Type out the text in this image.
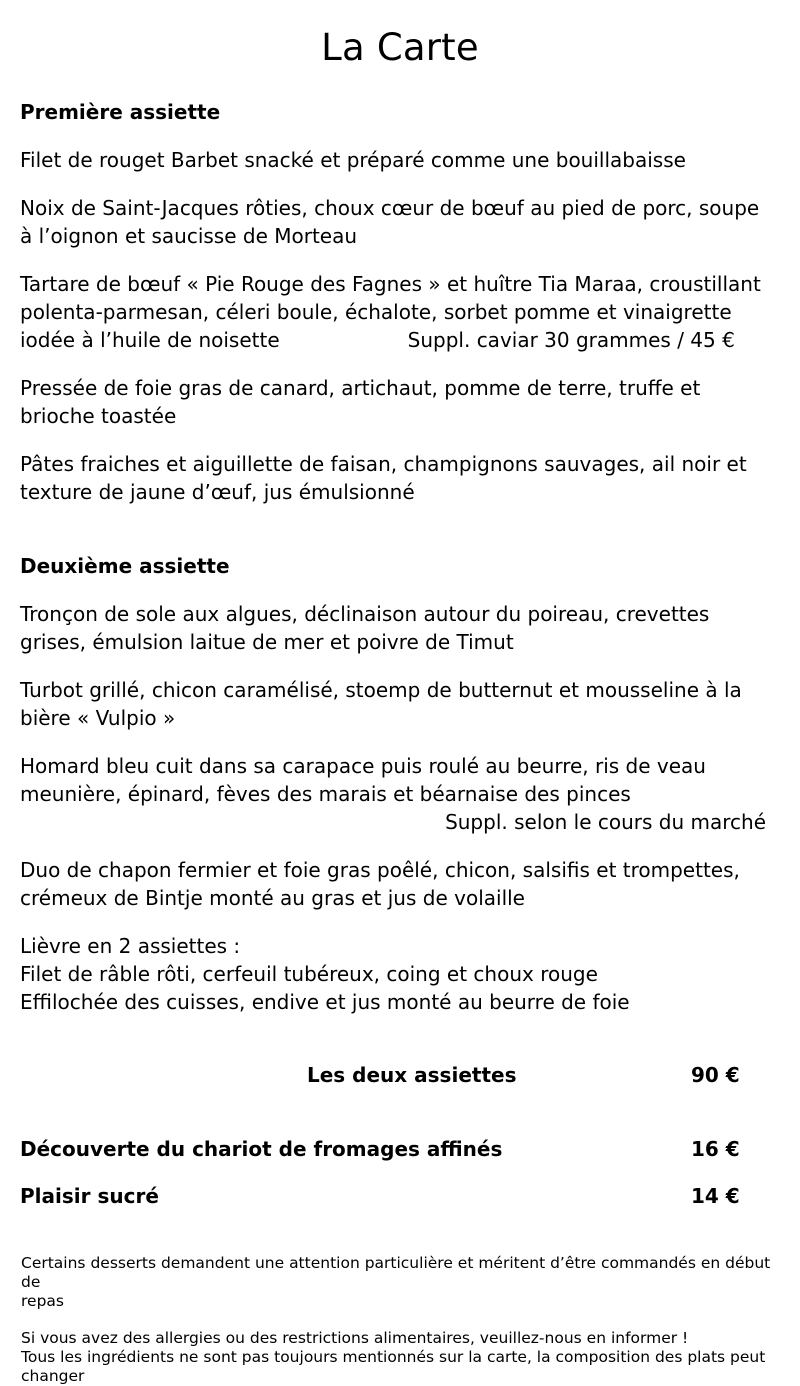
La Carte
Première assiette
Filet de rouget Barbet snacké et préparé comme une bouillabaisse
Noix de Saint-Jacques rôties, choux cœur de bœuf au pied de porc, soupe
à l’oignon et saucisse de Morteau
Tartare de bœuf « Pie Rouge des Fagnes » et huître Tia Maraa, croustillant
polenta-parmesan, céleri boule, échalote, sorbet pomme et vinaigrette
iodée à l’huile de noisette	Suppl. caviar 30 grammes / 45 €
Pressée de foie gras de canard, artichaut, pomme de terre, truffe et
brioche toastée
Pâtes fraiches et aiguillette de faisan, champignons sauvages, ail noir et
texture de jaune d’œuf, jus émulsionné
Deuxième assiette
Tronçon de sole aux algues, déclinaison autour du poireau, crevettes
grises, émulsion laitue de mer et poivre de Timut
Turbot grillé, chicon caramélisé, stoemp de butternut et mousseline à la
bière « Vulpio »
Homard bleu cuit dans sa carapace puis roulé au beurre, ris de veau
meunière, épinard, fèves des marais et béarnaise des pinces
Suppl. selon le cours du marché
Duo de chapon fermier et foie gras poêlé, chicon, salsifis et trompettes,
crémeux de Bintje monté au gras et jus de volaille
Lièvre en 2 assiettes :
Filet de râble rôti, cerfeuil tubéreux, coing et choux rouge
Effilochée des cuisses, endive et jus monté au beurre de foie
Les deux assiettes	90 €
Découverte du chariot de fromages affinés	16 €
Plaisir sucré	14 €
Certains desserts demandent une attention particulière et méritent d’être commandés en début de
repas
Si vous avez des allergies ou des restrictions alimentaires, veuillez-nous en informer !
Tous les ingrédients ne sont pas toujours mentionnés sur la carte, la composition des plats peut
changer
